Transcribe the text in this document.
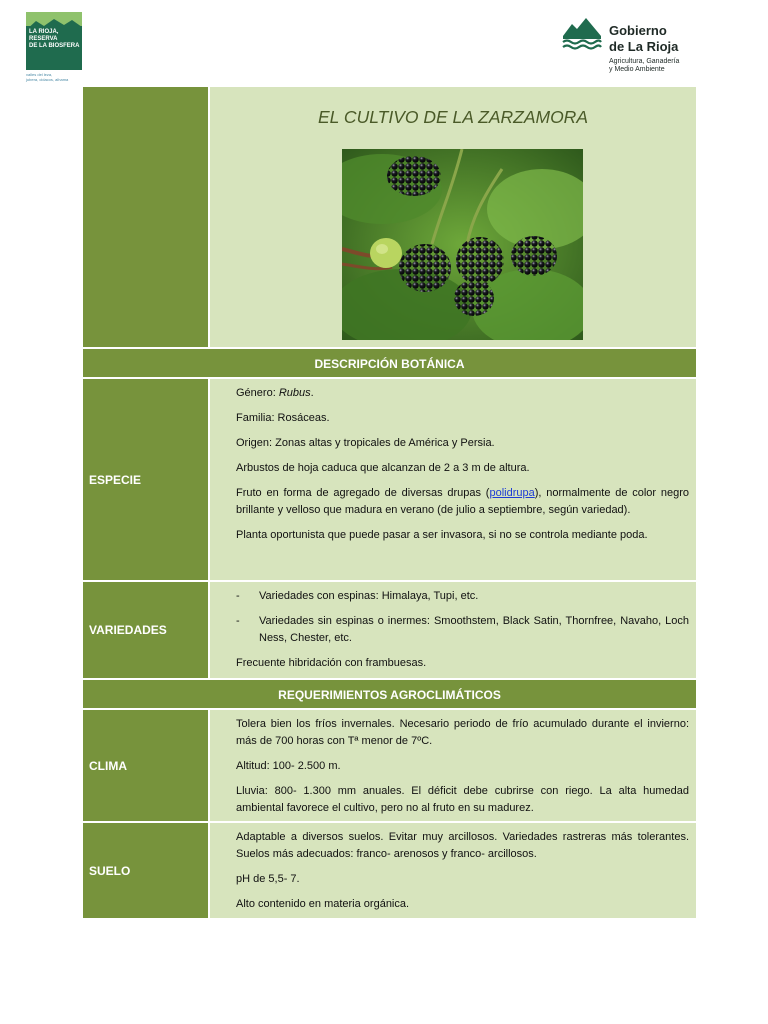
LA RIOJA,
RESERVA
DE LA BIOSFERA
valles del leza,
jubera, cidacos, alhama
Gobierno
de La Rioja
Agricultura, Ganadería
y Medio Ambiente
EL CULTIVO DE LA ZARZAMORA
DESCRIPCIÓN BOTÁNICA
ESPECIE

Género: Rubus.

Familia: Rosáceas.

Origen: Zonas altas y tropicales de América y Persia.

Arbustos de hoja caduca que alcanzan de 2 a 3 m de altura.

Fruto en forma de agregado de diversas drupas (polidrupa), normalmente de color negro brillante y velloso que madura en verano (de julio a septiembre, según variedad).

Planta oportunista que puede pasar a ser invasora, si no se controla mediante poda.

VARIEDADES
-	Variedades con espinas: Himalaya, Tupi, etc.
-	Variedades sin espinas o inermes: Smoothstem, Black Satin, Thornfree, Navaho, Loch Ness, Chester, etc.

Frecuente hibridación con frambuesas.

REQUERIMIENTOS AGROCLIMÁTICOS
CLIMA

Tolera bien los fríos invernales. Necesario periodo de frío acumulado durante el invierno: más de 700 horas con Tª menor de 7ºC.

Altitud: 100- 2.500 m.

Lluvia: 800- 1.300 mm anuales. El déficit debe cubrirse con riego. La alta humedad ambiental favorece el cultivo, pero no al fruto en su madurez.

SUELO

Adaptable a diversos suelos. Evitar muy arcillosos. Variedades rastreras más tolerantes. Suelos más adecuados: franco- arenosos y franco- arcillosos.

pH de 5,5- 7.

Alto contenido en materia orgánica.
